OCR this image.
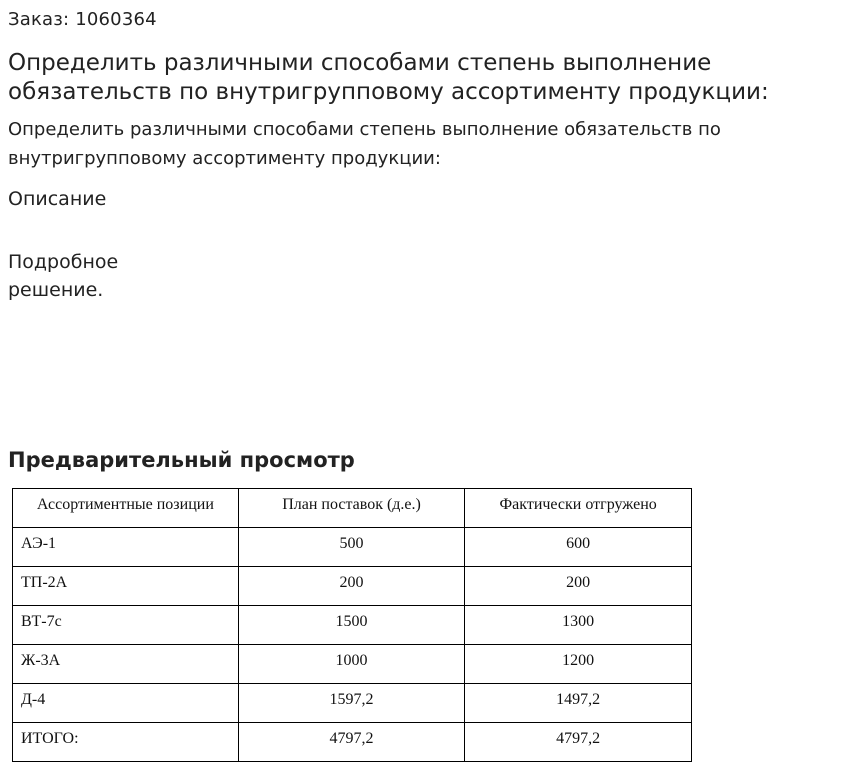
Заказ: 1060364
Определить различными способами степень выполнение обязательств по внутригрупповому ассортименту продукции:
Определить различными способами степень выполнение обязательств по внутригрупповому ассортименту продукции:
Описание
Подробное решение.
Предварительный просмотр
Ассортиментные позиции	План поставок (д.е.)	Фактически отгружено
АЭ-1	500	600
ТП-2А	200	200
ВТ-7с	1500	1300
Ж-3А	1000	1200
Д-4	1597,2	1497,2
ИТОГО:	4797,2	4797,2
